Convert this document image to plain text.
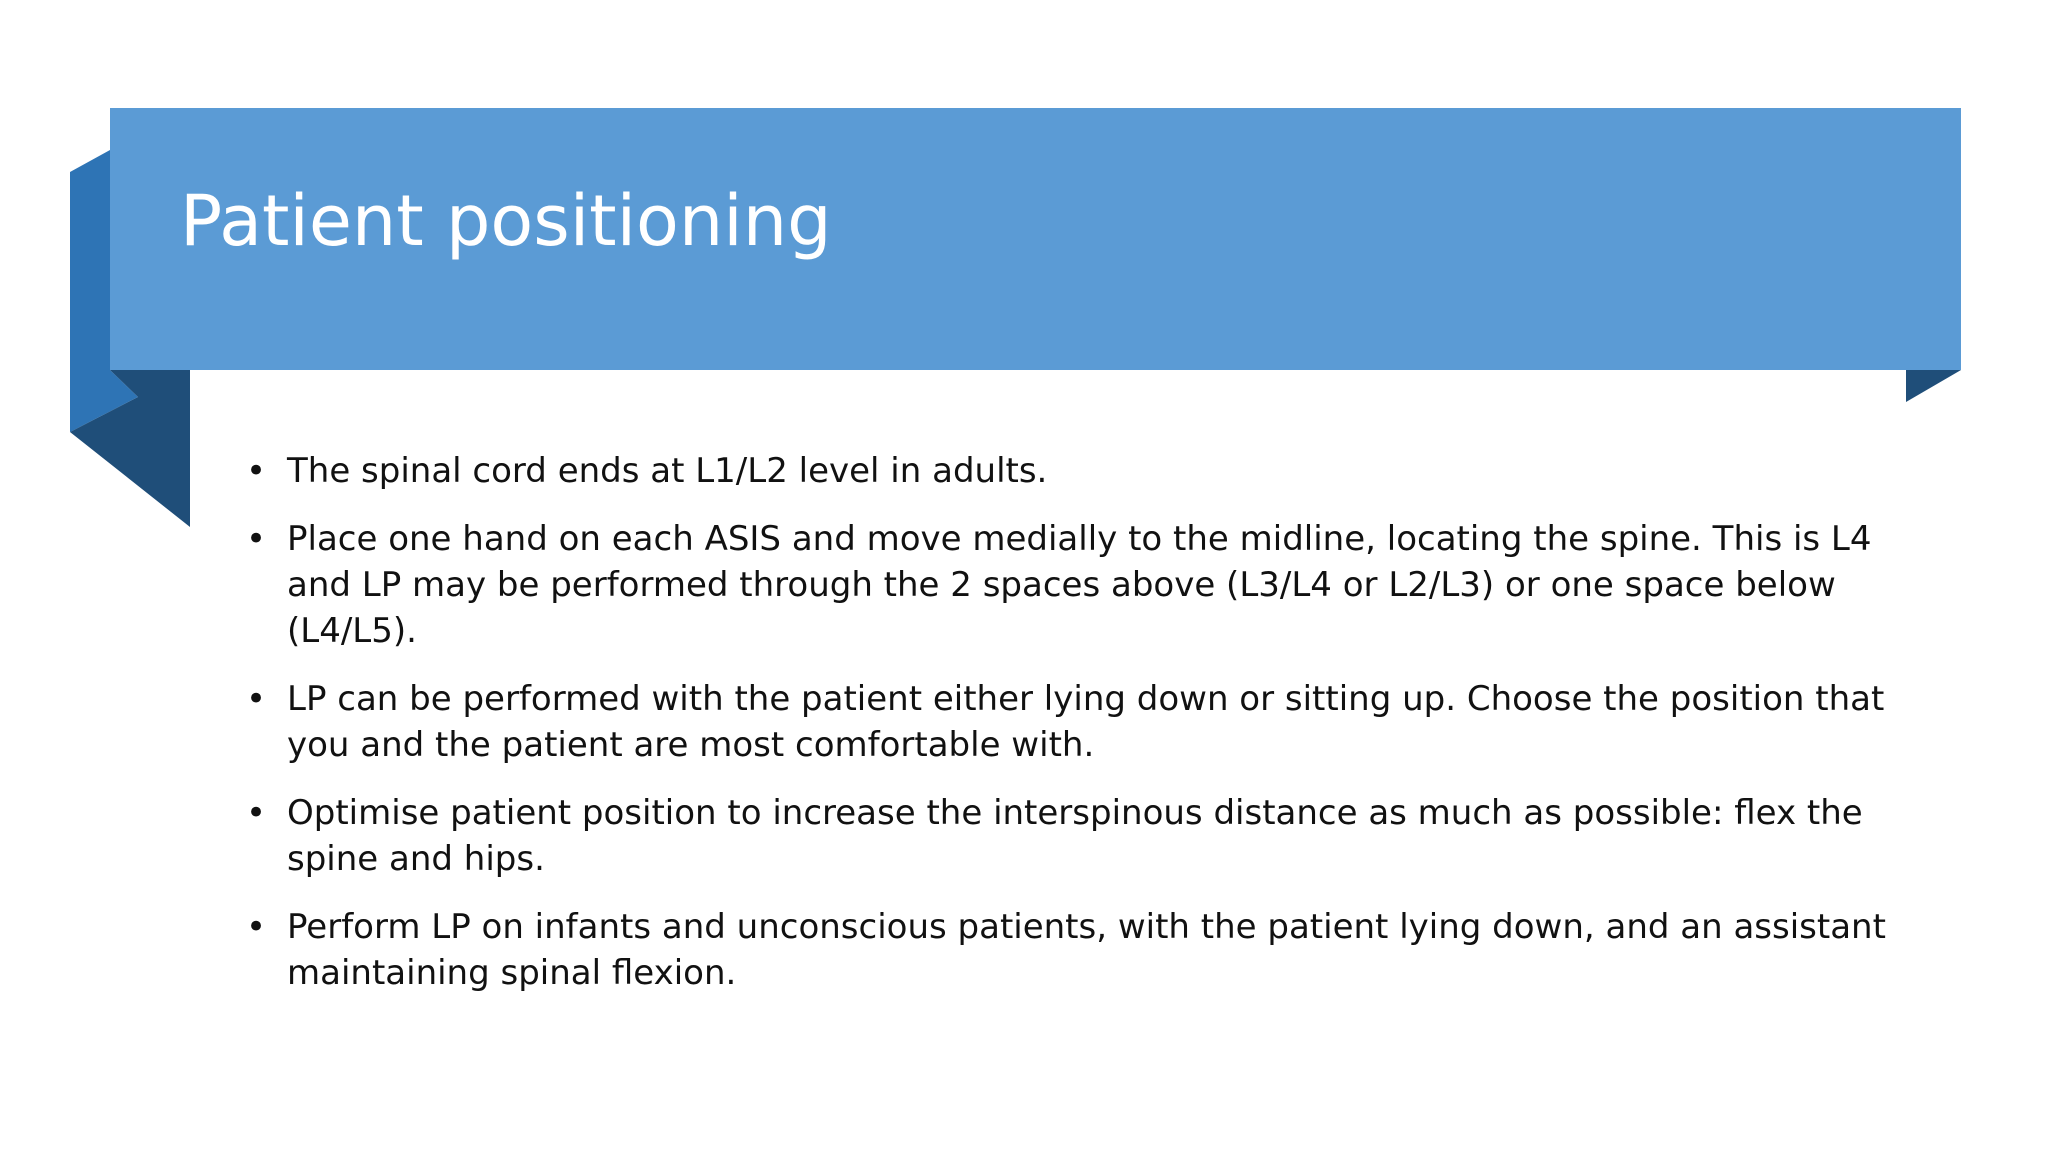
Patient positioning
• The spinal cord ends at L1/L2 level in adults.
• Place one hand on each ASIS and move medially to the midline, locating the spine. This is L4 and LP may be performed through the 2 spaces above (L3/L4 or L2/L3) or one space below (L4/L5).
• LP can be performed with the patient either lying down or sitting up. Choose the position that you and the patient are most comfortable with.
• Optimise patient position to increase the interspinous distance as much as possible: flex the spine and hips.
• Perform LP on infants and unconscious patients, with the patient lying down, and an assistant maintaining spinal flexion.
